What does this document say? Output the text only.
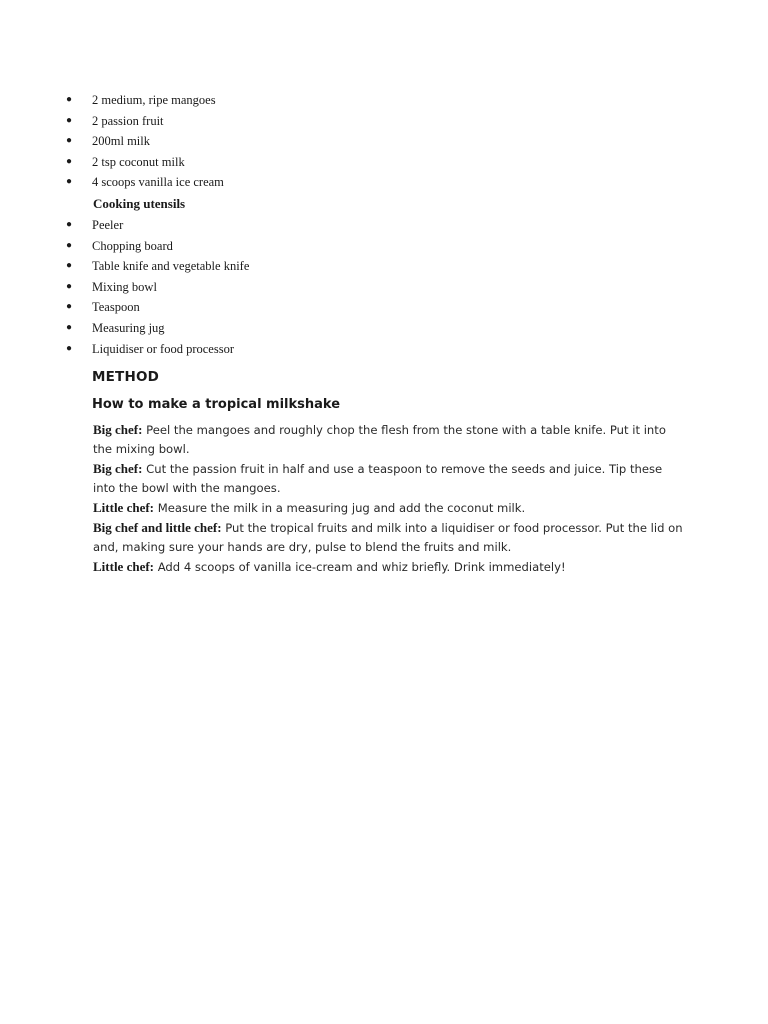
● 2 medium, ripe mangoes
● 2 passion fruit
● 200ml milk
● 2 tsp coconut milk
● 4 scoops vanilla ice cream
Cooking utensils
● Peeler
● Chopping board
● Table knife and vegetable knife
● Mixing bowl
● Teaspoon
● Measuring jug
● Liquidiser or food processor
METHOD
How to make a tropical milkshake

Big chef: Peel the mangoes and roughly chop the flesh from the stone with a table knife. Put it into the mixing bowl.

Big chef: Cut the passion fruit in half and use a teaspoon to remove the seeds and juice. Tip these into the bowl with the mangoes.

Little chef: Measure the milk in a measuring jug and add the coconut milk.

Big chef and little chef: Put the tropical fruits and milk into a liquidiser or food processor. Put the lid on and, making sure your hands are dry, pulse to blend the fruits and milk.

Little chef: Add 4 scoops of vanilla ice-cream and whiz briefly. Drink immediately!
